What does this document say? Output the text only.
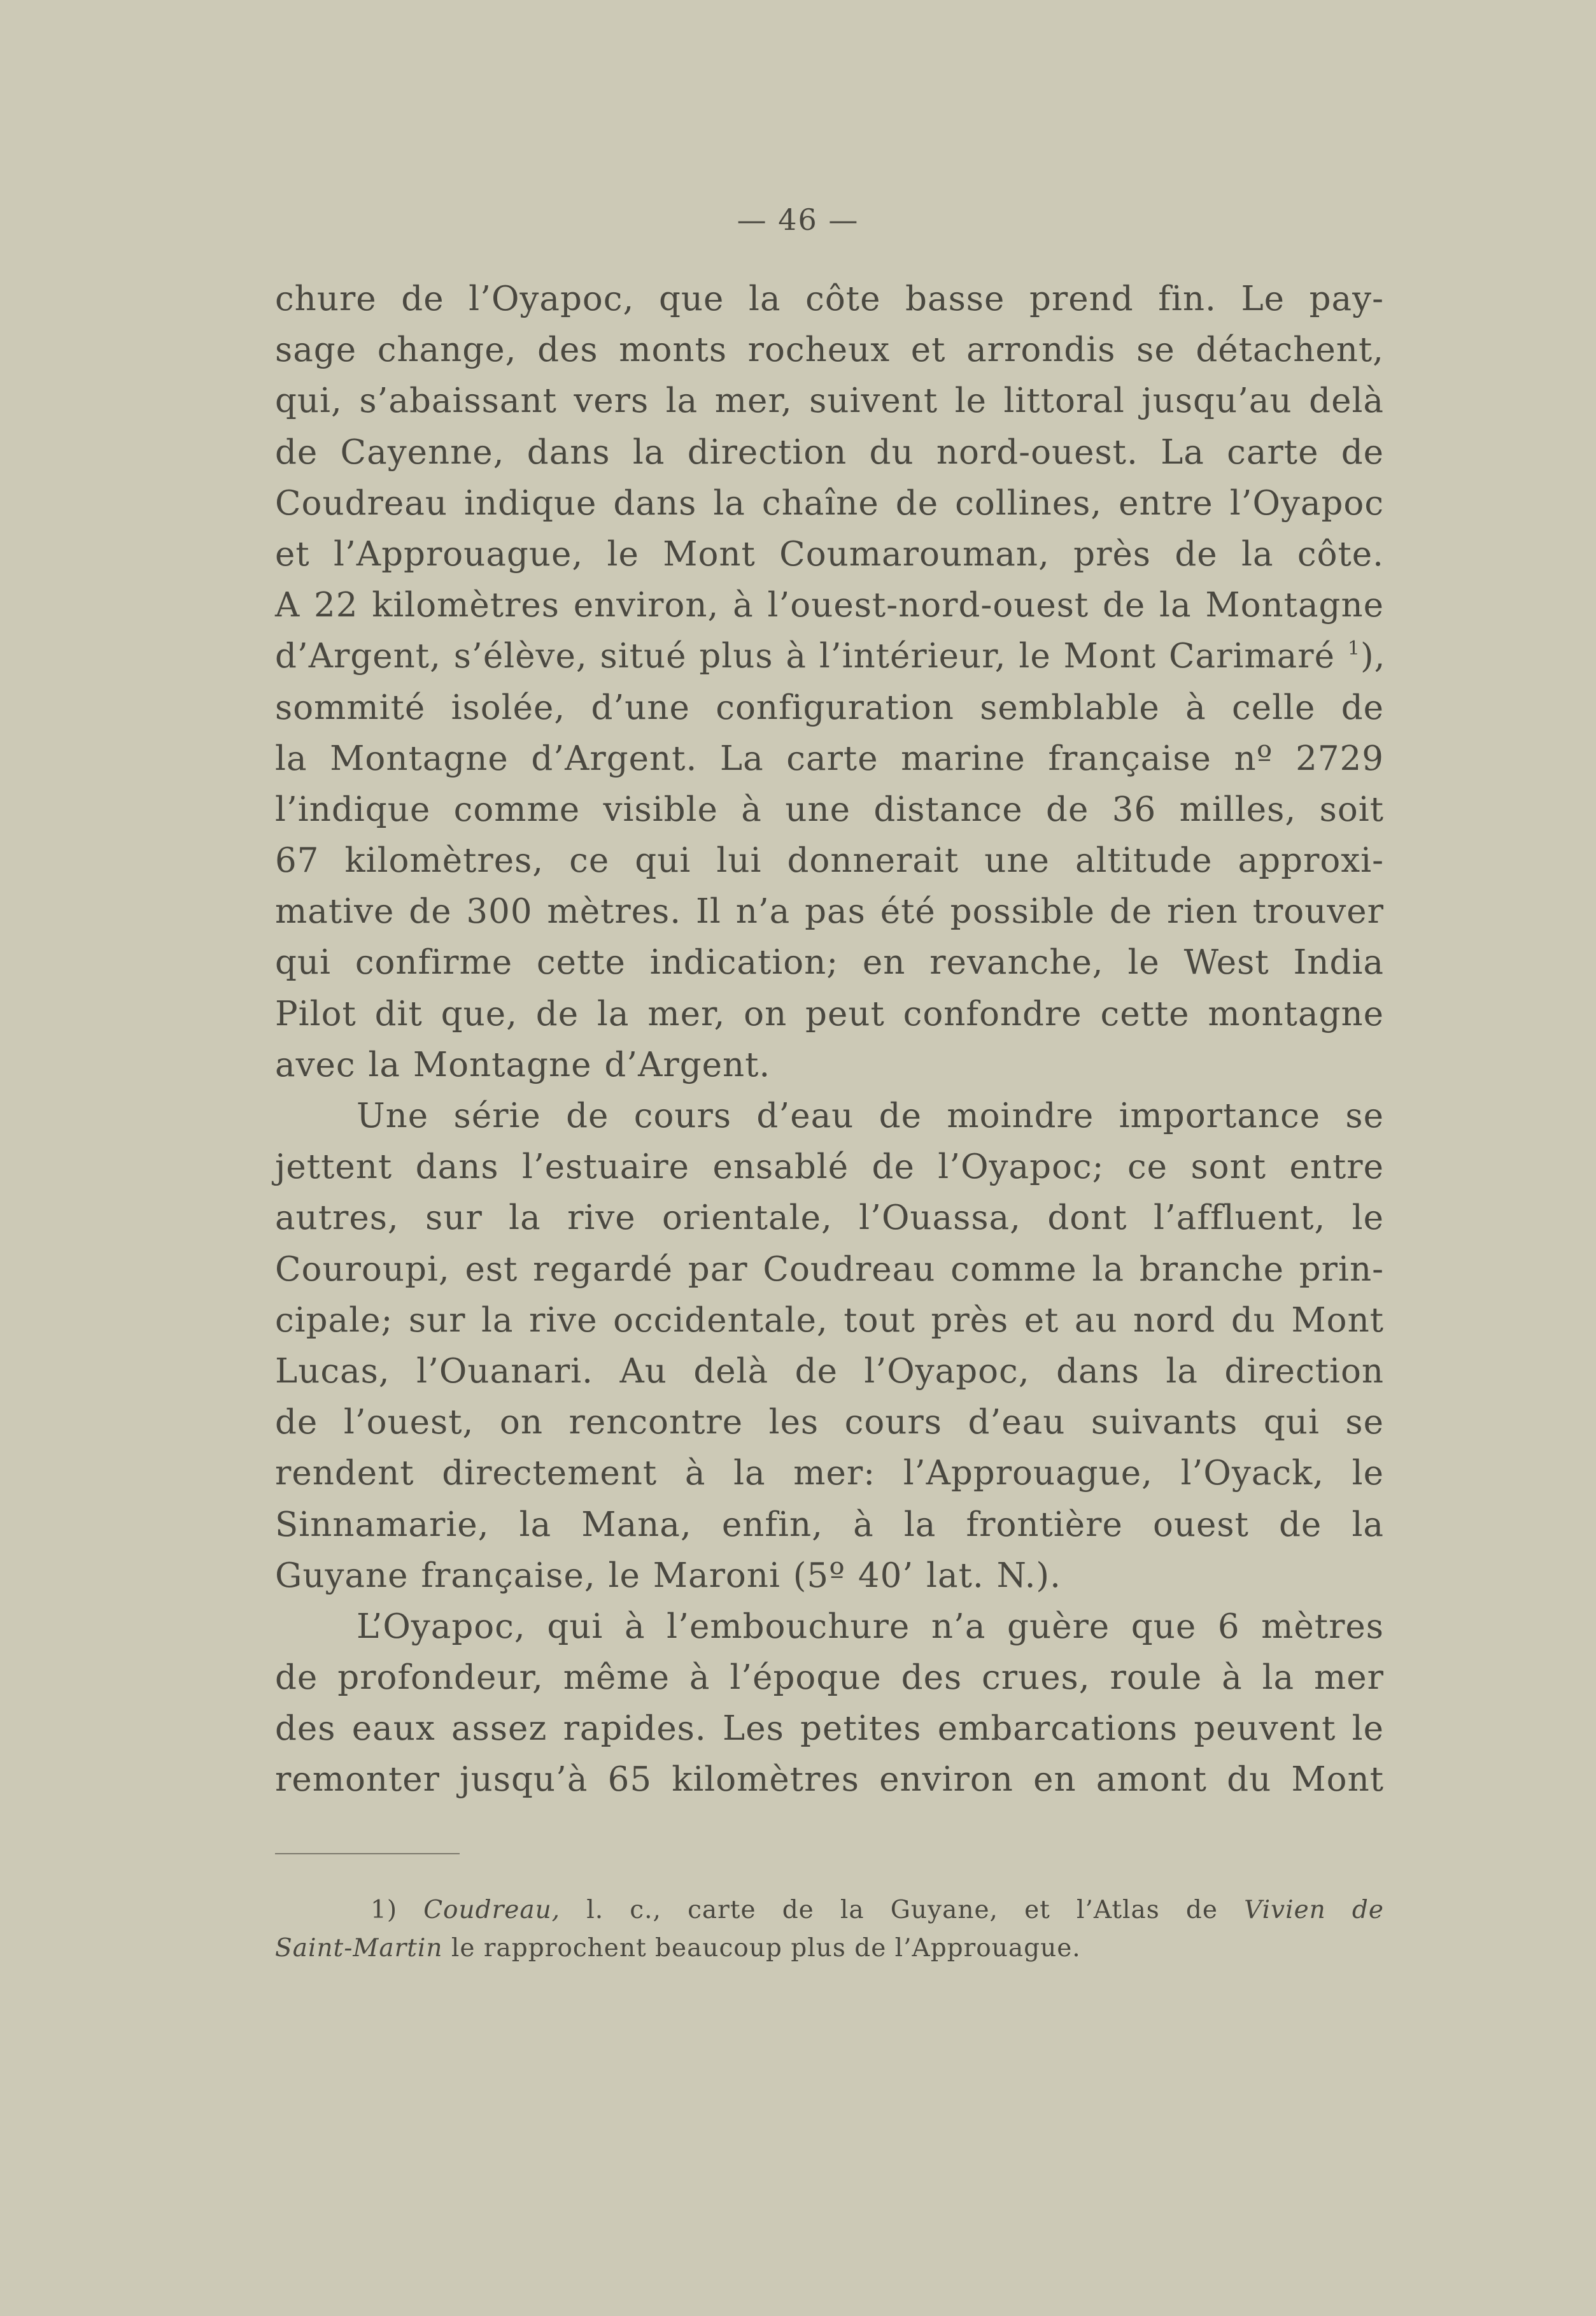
— 46 —
chure de l’Oyapoc, que la côte basse prend fin. Le pay-
sage change, des monts rocheux et arrondis se détachent,
qui, s’abaissant vers la mer, suivent le littoral jusqu’au delà
de Cayenne, dans la direction du nord-ouest. La carte de
Coudreau indique dans la chaîne de collines, entre l’Oyapoc
et l’Approuague, le Mont Coumarouman, près de la côte.
A 22 kilomètres environ, à l’ouest-nord-ouest de la Montagne
d’Argent, s’élève, situé plus à l’intérieur, le Mont Carimaré $^1$),
sommité isolée, d’une configuration semblable à celle de
la Montagne d’Argent. La carte marine française nº 2729
l’indique comme visible à une distance de 36 milles, soit
67 kilomètres, ce qui lui donnerait une altitude approxi-
mative de 300 mètres. Il n’a pas été possible de rien trouver
qui confirme cette indication; en revanche, le West India
Pilot dit que, de la mer, on peut confondre cette montagne
avec la Montagne d’Argent.
Une série de cours d’eau de moindre importance se
jettent dans l’estuaire ensablé de l’Oyapoc; ce sont entre
autres, sur la rive orientale, l’Ouassa, dont l’affluent, le
Couroupi, est regardé par Coudreau comme la branche prin-
cipale; sur la rive occidentale, tout près et au nord du Mont
Lucas, l’Ouanari. Au delà de l’Oyapoc, dans la direction
de l’ouest, on rencontre les cours d’eau suivants qui se
rendent directement à la mer: l’Approuague, l’Oyack, le
Sinnamarie, la Mana, enfin, à la frontière ouest de la
Guyane française, le Maroni (5º 40’ lat. N.).
L’Oyapoc, qui à l’embouchure n’a guère que 6 mètres
de profondeur, même à l’époque des crues, roule à la mer
des eaux assez rapides. Les petites embarcations peuvent le
remonter jusqu’à 65 kilomètres environ en amont du Mont
1) Coudreau, l. c., carte de la Guyane, et l’Atlas de Vivien de
Saint-Martin le rapprochent beaucoup plus de l’Approuague.
